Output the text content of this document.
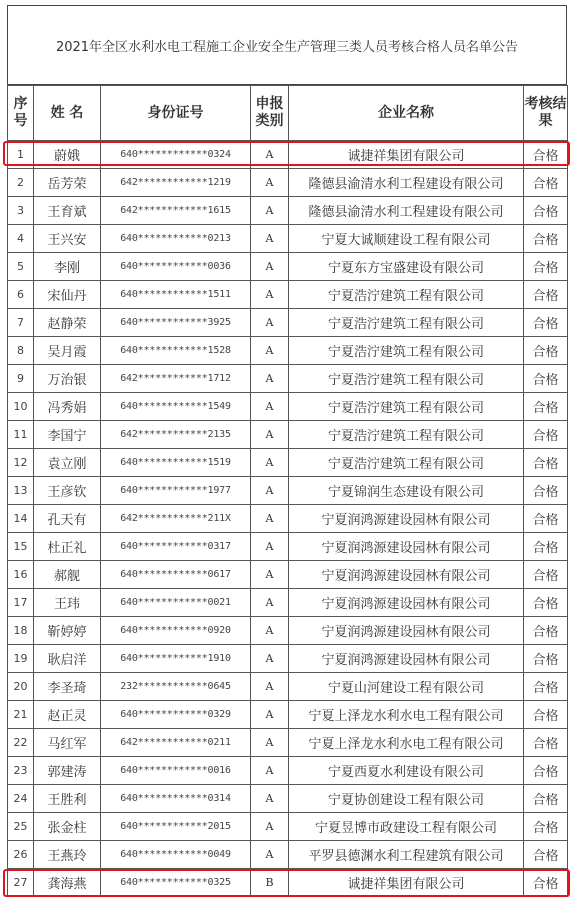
2021年全区水利水电工程施工企业安全生产管理三类人员考核合格人员名单公告
序号	姓 名	身份证号	申报类别	企业名称	考核结果
1	蔚娥	640************0324	A	诚捷祥集团有限公司	合格
2	岳芳荣	642************1219	A	隆德县渝清水利工程建设有限公司	合格
3	王育斌	642************1615	A	隆德县渝清水利工程建设有限公司	合格
4	王兴安	640************0213	A	宁夏大诚顺建设工程有限公司	合格
5	李刚	640************0036	A	宁夏东方宝盛建设有限公司	合格
6	宋仙丹	640************1511	A	宁夏浩泞建筑工程有限公司	合格
7	赵静荣	640************3925	A	宁夏浩泞建筑工程有限公司	合格
8	吴月霞	640************1528	A	宁夏浩泞建筑工程有限公司	合格
9	万治银	642************1712	A	宁夏浩泞建筑工程有限公司	合格
10	冯秀娟	640************1549	A	宁夏浩泞建筑工程有限公司	合格
11	李国宁	642************2135	A	宁夏浩泞建筑工程有限公司	合格
12	袁立刚	640************1519	A	宁夏浩泞建筑工程有限公司	合格
13	王彦钦	640************1977	A	宁夏锦润生态建设有限公司	合格
14	孔天有	642************211X	A	宁夏润鸿源建设园林有限公司	合格
15	杜正礼	640************0317	A	宁夏润鸿源建设园林有限公司	合格
16	郝舰	640************0617	A	宁夏润鸿源建设园林有限公司	合格
17	王玮	640************0021	A	宁夏润鸿源建设园林有限公司	合格
18	靳婷婷	640************0920	A	宁夏润鸿源建设园林有限公司	合格
19	耿启洋	640************1910	A	宁夏润鸿源建设园林有限公司	合格
20	李圣琦	232************0645	A	宁夏山河建设工程有限公司	合格
21	赵正灵	640************0329	A	宁夏上泽龙水利水电工程有限公司	合格
22	马红军	642************0211	A	宁夏上泽龙水利水电工程有限公司	合格
23	郭建涛	640************0016	A	宁夏西夏水利建设有限公司	合格
24	王胜利	640************0314	A	宁夏协创建设工程有限公司	合格
25	张金柱	640************2015	A	宁夏昱博市政建设工程有限公司	合格
26	王燕玲	640************0049	A	平罗县德渊水利工程建筑有限公司	合格
27	龚海燕	640************0325	B	诚捷祥集团有限公司	合格
